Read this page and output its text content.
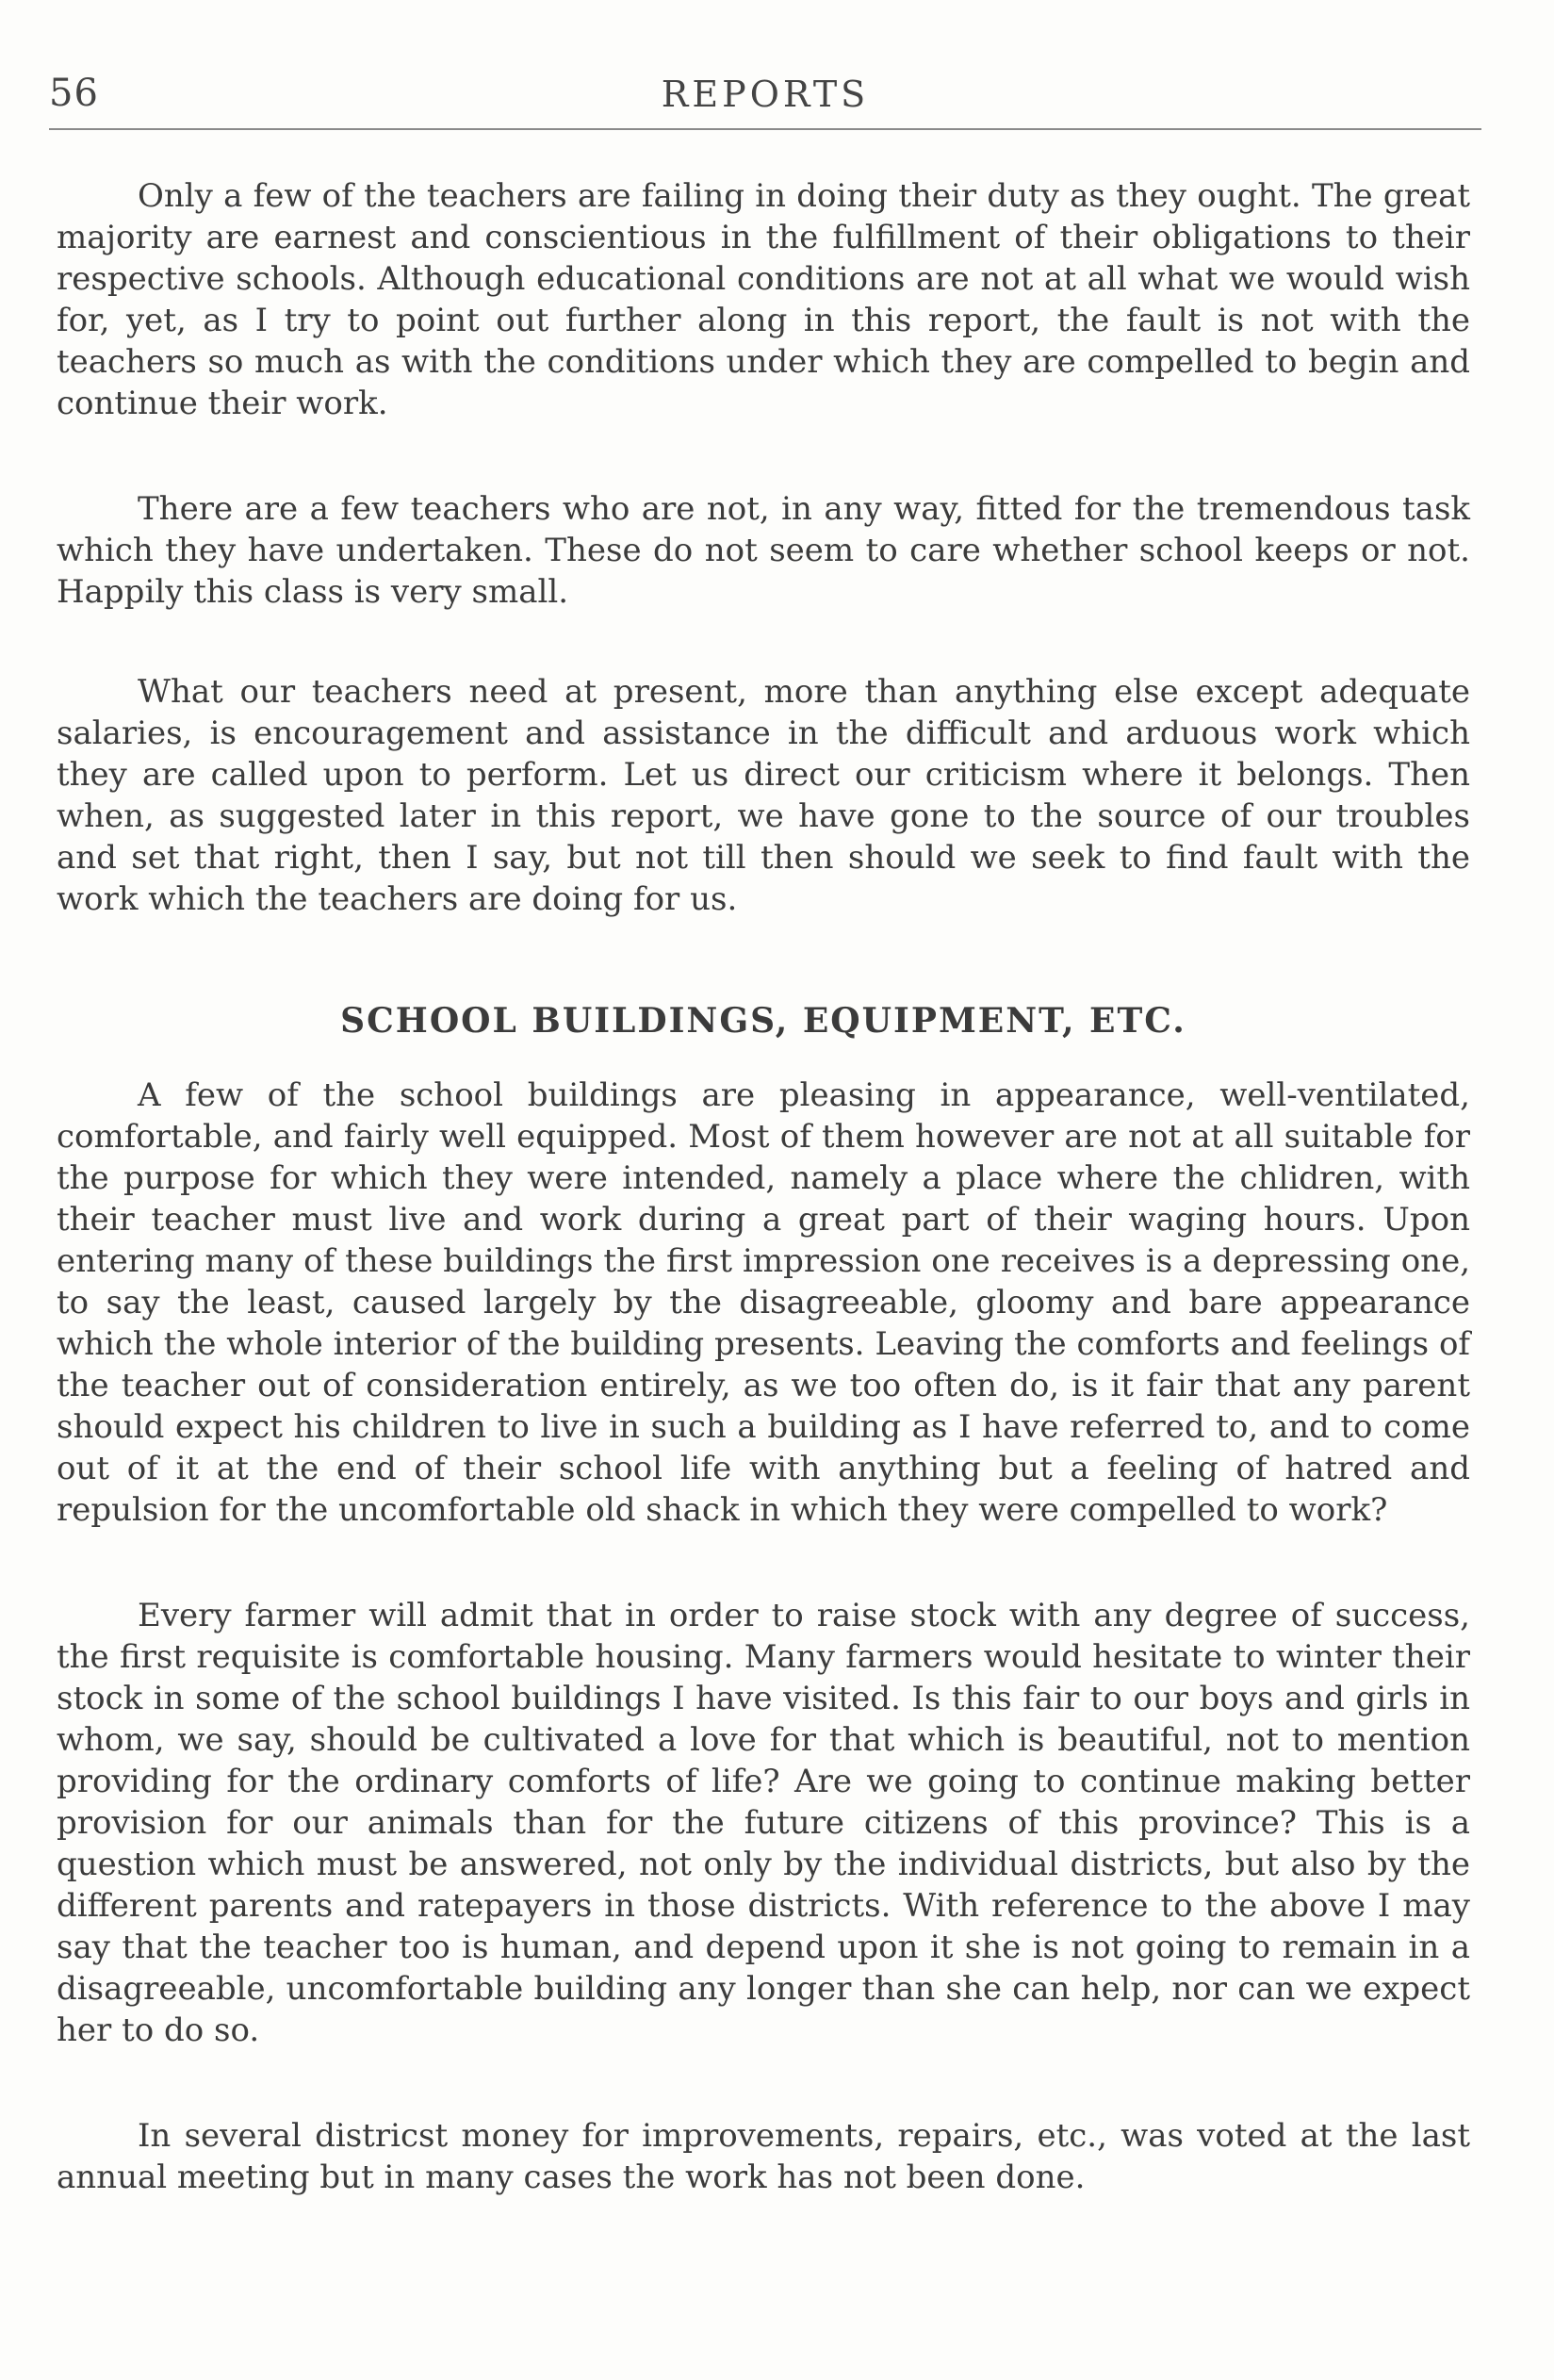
56	REPORTS

Only a few of the teachers are failing in doing their duty as they ought. The great majority are earnest and conscientious in the fulfillment of their obligations to their respective schools. Although educational conditions are not at all what we would wish for, yet, as I try to point out further along in this report, the fault is not with the teachers so much as with the conditions under which they are compelled to begin and continue their work.

There are a few teachers who are not, in any way, fitted for the tremendous task which they have undertaken. These do not seem to care whether school keeps or not. Happily this class is very small.

What our teachers need at present, more than anything else except adequate salaries, is encouragement and assistance in the difficult and arduous work which they are called upon to perform. Let us direct our criticism where it belongs. Then when, as suggested later in this report, we have gone to the source of our troubles and set that right, then I say, but not till then should we seek to find fault with the work which the teachers are doing for us.

SCHOOL BUILDINGS, EQUIPMENT, ETC.

A few of the school buildings are pleasing in appearance, well-ventilated, comfortable, and fairly well equipped. Most of them however are not at all suitable for the purpose for which they were intended, namely a place where the chlidren, with their teacher must live and work during a great part of their waging hours. Upon entering many of these buildings the first impression one receives is a depressing one, to say the least, caused largely by the disagreeable, gloomy and bare appearance which the whole interior of the building presents. Leaving the comforts and feelings of the teacher out of consideration entirely, as we too often do, is it fair that any parent should expect his children to live in such a building as I have referred to, and to come out of it at the end of their school life with anything but a feeling of hatred and repulsion for the uncomfortable old shack in which they were compelled to work?

Every farmer will admit that in order to raise stock with any degree of success, the first requisite is comfortable housing. Many farmers would hesitate to winter their stock in some of the school buildings I have visited. Is this fair to our boys and girls in whom, we say, should be cultivated a love for that which is beautiful, not to mention providing for the ordinary comforts of life? Are we going to continue making better provision for our animals than for the future citizens of this province? This is a question which must be answered, not only by the individual districts, but also by the different parents and ratepayers in those districts. With reference to the above I may say that the teacher too is human, and depend upon it she is not going to remain in a disagreeable, uncomfortable building any longer than she can help, nor can we expect her to do so.

In several districst money for improvements, repairs, etc., was voted at the last annual meeting but in many cases the work has not been done.
